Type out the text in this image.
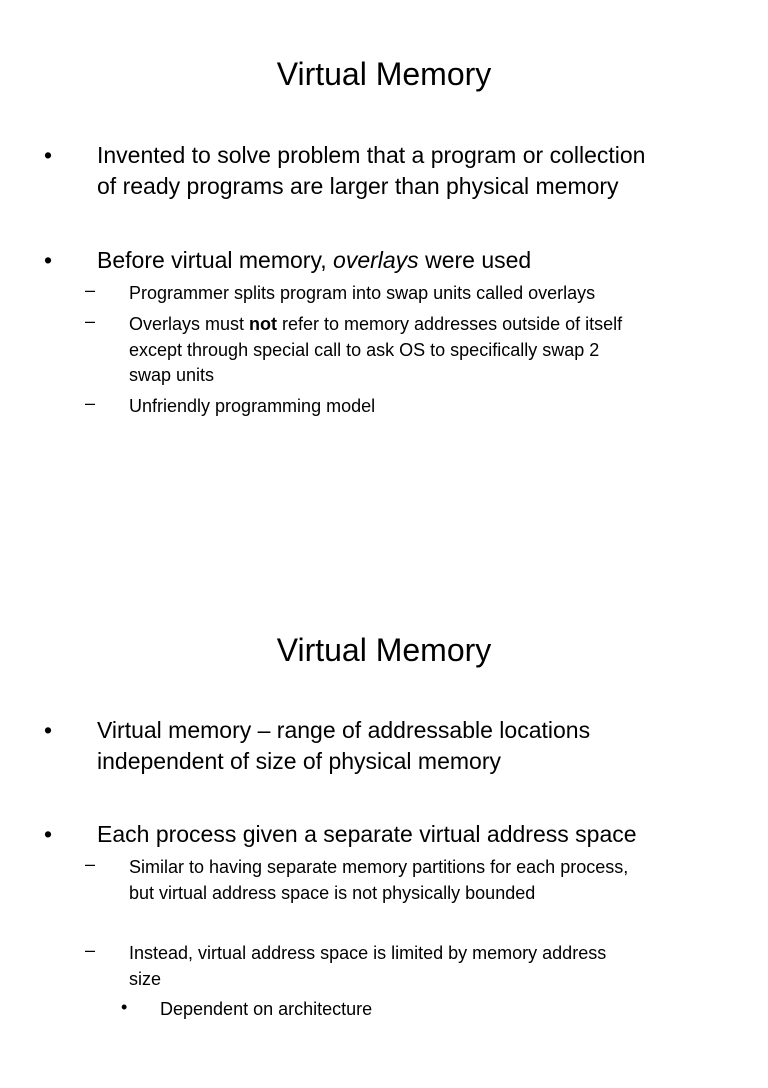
Virtual Memory
• Invented to solve problem that a program or collection
of ready programs are larger than physical memory
• Before virtual memory, overlays were used
– Programmer splits program into swap units called overlays
– Overlays must not refer to memory addresses outside of itself
except through special call to ask OS to specifically swap 2
swap units
– Unfriendly programming model
Virtual Memory
• Virtual memory – range of addressable locations
independent of size of physical memory
• Each process given a separate virtual address space
– Similar to having separate memory partitions for each process,
but virtual address space is not physically bounded
– Instead, virtual address space is limited by memory address
size
• Dependent on architecture
